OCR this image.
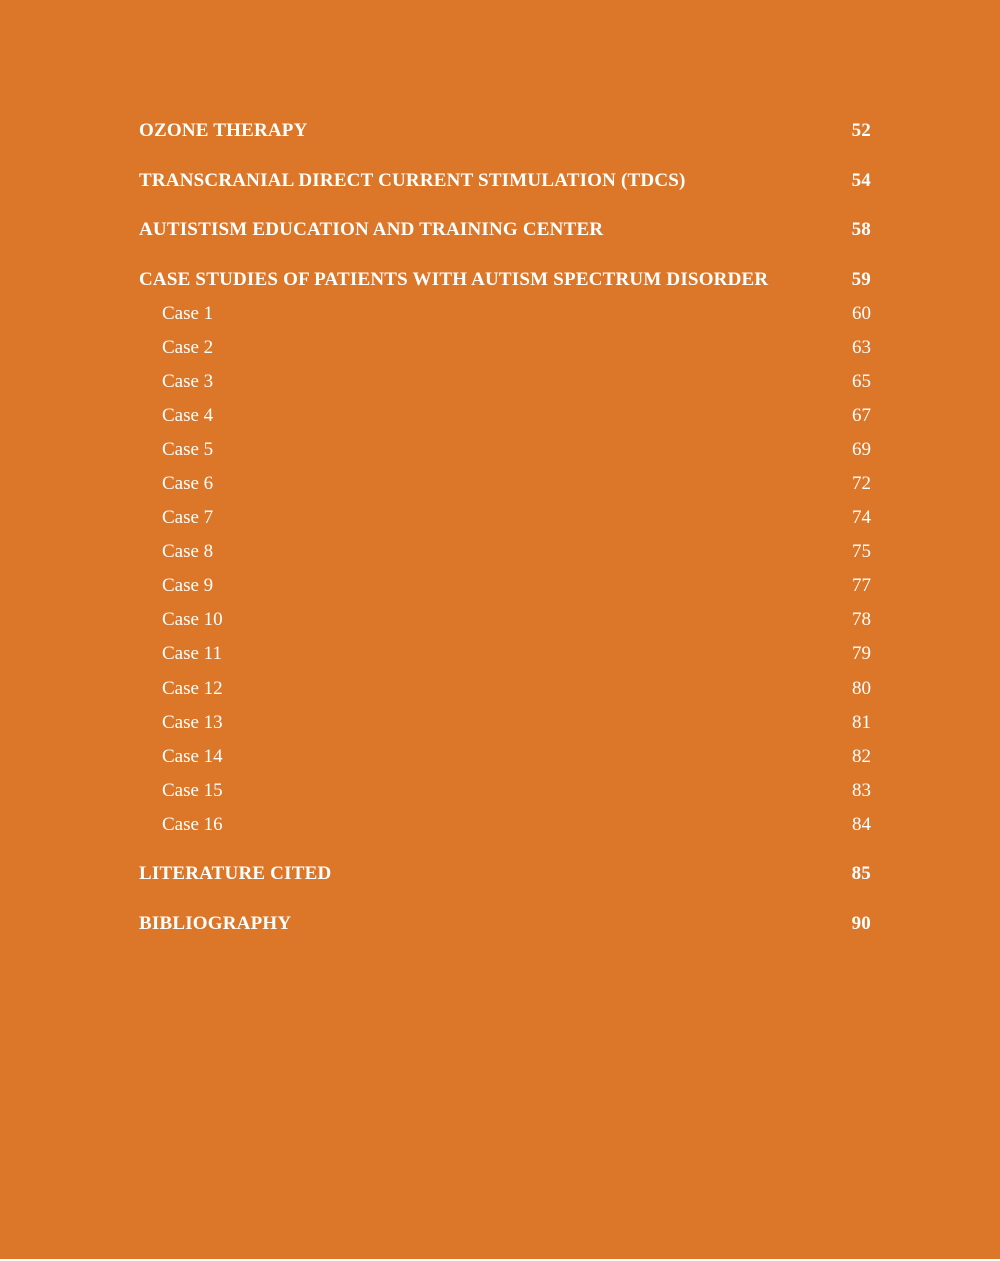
OZONE THERAPY	52
TRANSCRANIAL DIRECT CURRENT STIMULATION (TDCS)	54
AUTISTISM EDUCATION AND TRAINING CENTER	58
CASE STUDIES OF PATIENTS WITH AUTISM SPECTRUM DISORDER	59
Case 1	60
Case 2	63
Case 3	65
Case 4	67
Case 5	69
Case 6	72
Case 7	74
Case 8	75
Case 9	77
Case 10	78
Case 11	79
Case 12	80
Case 13	81
Case 14	82
Case 15	83
Case 16	84
LITERATURE CITED	85
BIBLIOGRAPHY	90
